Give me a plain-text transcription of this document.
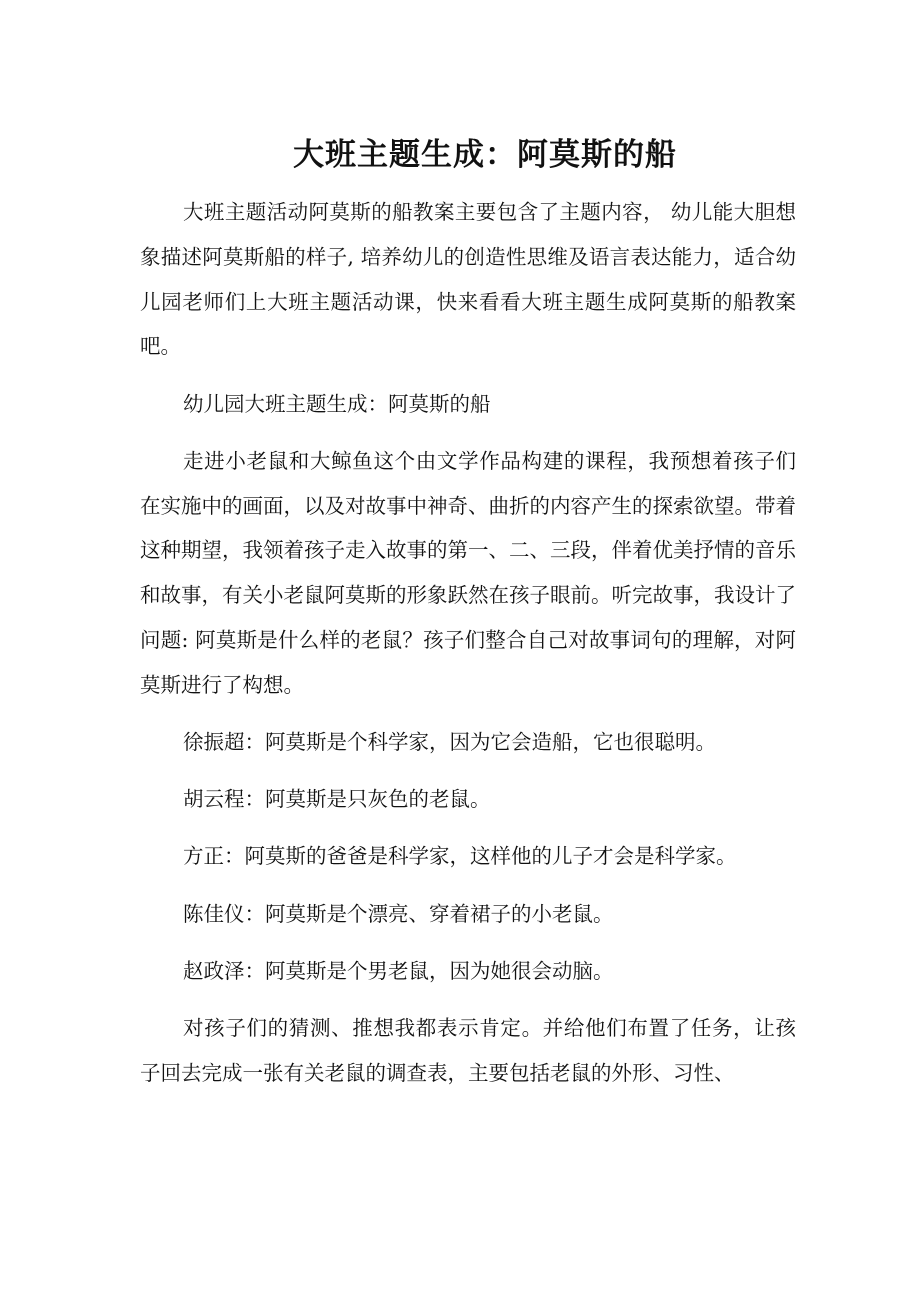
大班主题生成：阿莫斯的船

大班主题活动阿莫斯的船教案主要包含了主题内容， 幼儿能大胆想象描述阿莫斯船的样子, 培养幼儿的创造性思维及语言表达能力，适合幼儿园老师们上大班主题活动课，快来看看大班主题生成阿莫斯的船教案吧。

幼儿园大班主题生成：阿莫斯的船

走进小老鼠和大鲸鱼这个由文学作品构建的课程，我预想着孩子们在实施中的画面，以及对故事中神奇、曲折的内容产生的探索欲望。带着这种期望，我领着孩子走入故事的第一、二、三段，伴着优美抒情的音乐和故事，有关小老鼠阿莫斯的形象跃然在孩子眼前。听完故事，我设计了问题: 阿莫斯是什么样的老鼠？孩子们整合自己对故事词句的理解，对阿莫斯进行了构想。

徐振超：阿莫斯是个科学家，因为它会造船，它也很聪明。

胡云程：阿莫斯是只灰色的老鼠。

方正：阿莫斯的爸爸是科学家，这样他的儿子才会是科学家。

陈佳仪：阿莫斯是个漂亮、穿着裙子的小老鼠。

赵政泽：阿莫斯是个男老鼠，因为她很会动脑。

对孩子们的猜测、推想我都表示肯定。并给他们布置了任务，让孩子回去完成一张有关老鼠的调查表，主要包括老鼠的外形、习性、
